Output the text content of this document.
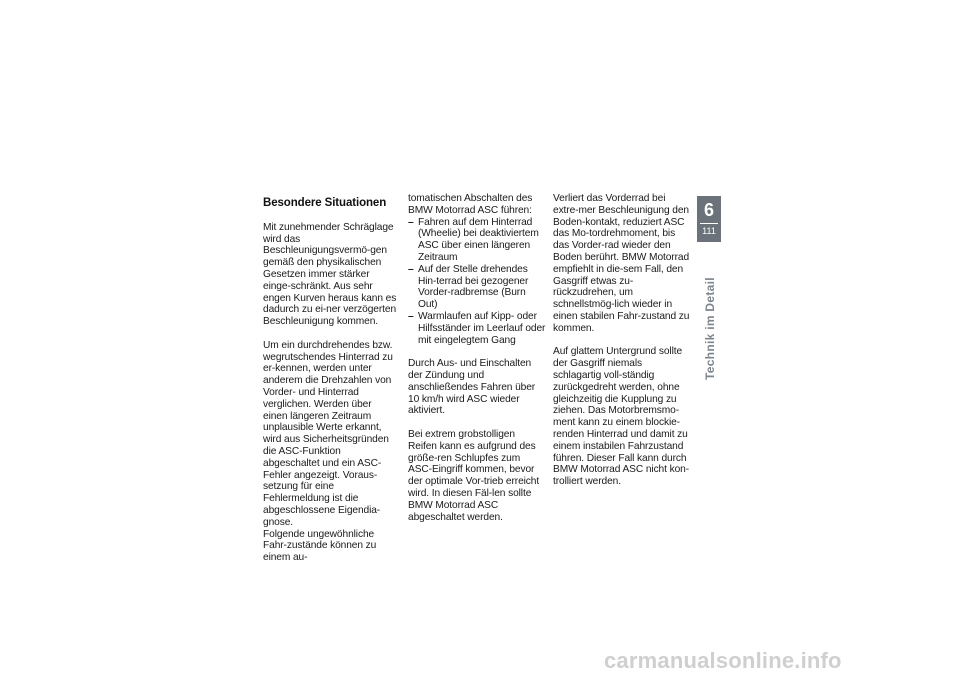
Besondere Situationen

Mit zunehmender Schräglage wird das Beschleunigungsvermö-gen gemäß den physikalischen Gesetzen immer stärker einge-schränkt. Aus sehr engen Kurven heraus kann es dadurch zu ei-ner verzögerten Beschleunigung kommen.

Um ein durchdrehendes bzw. wegrutschendes Hinterrad zu er-kennen, werden unter anderem die Drehzahlen von Vorder- und Hinterrad verglichen. Werden über einen längeren Zeitraum unplausible Werte erkannt, wird aus Sicherheitsgründen die ASC-Funktion abgeschaltet und ein ASC-Fehler angezeigt. Voraus-setzung für eine Fehlermeldung ist die abgeschlossene Eigendia-gnose.

Folgende ungewöhnliche Fahr-zustände können zu einem au-

tomatischen Abschalten des BMW Motorrad ASC führen:

– Fahren auf dem Hinterrad (Wheelie) bei deaktiviertem ASC über einen längeren Zeitraum
– Auf der Stelle drehendes Hin-terrad bei gezogener Vorder-radbremse (Burn Out)
– Warmlaufen auf Kipp- oder Hilfsständer im Leerlauf oder mit eingelegtem Gang

Durch Aus- und Einschalten der Zündung und anschließendes Fahren über 10 km/h wird ASC wieder aktiviert.

Bei extrem grobstolligen Reifen kann es aufgrund des größe-ren Schlupfes zum ASC-Eingriff kommen, bevor der optimale Vor-trieb erreicht wird. In diesen Fäl-len sollte BMW Motorrad ASC abgeschaltet werden.

Verliert das Vorderrad bei extre-mer Beschleunigung den Boden-kontakt, reduziert ASC das Mo-tordrehmoment, bis das Vorder-rad wieder den Boden berührt. BMW Motorrad empfiehlt in die-sem Fall, den Gasgriff etwas zu-rückzudrehen, um schnellstmög-lich wieder in einen stabilen Fahr-zustand zu kommen.

Auf glattem Untergrund sollte der Gasgriff niemals schlagartig voll-ständig zurückgedreht werden, ohne gleichzeitig die Kupplung zu ziehen. Das Motorbremsmo-ment kann zu einem blockie-renden Hinterrad und damit zu einem instabilen Fahrzustand führen. Dieser Fall kann durch BMW Motorrad ASC nicht kon-trolliert werden.

6
111
Technik im Detail
carmanualsonline.info
